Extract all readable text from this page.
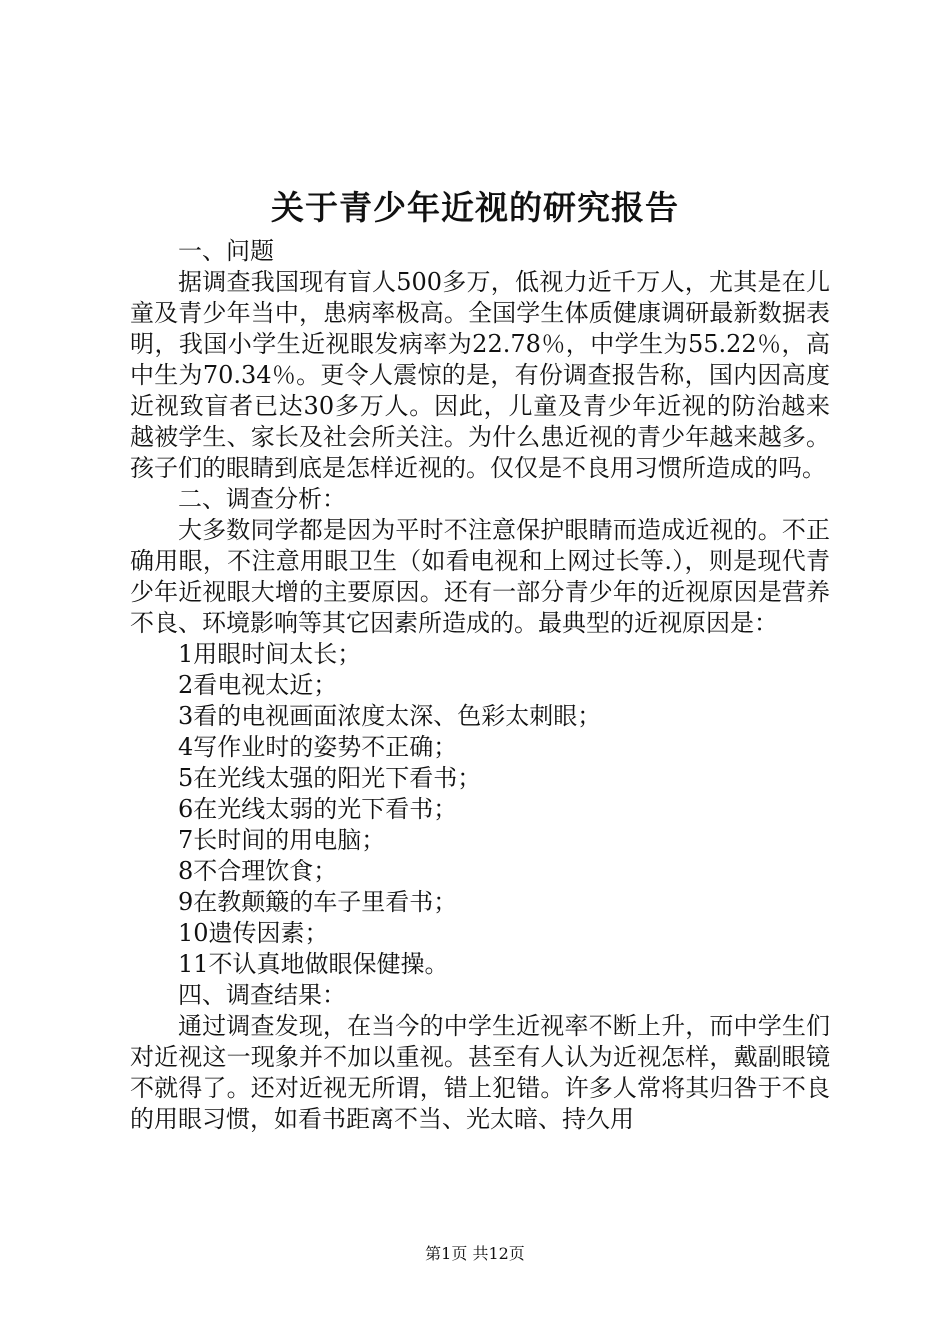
关于青少年近视的研究报告

一、问题

据调查我国现有盲人500多万，低视力近千万人，尤其是在儿童及青少年当中，患病率极高。全国学生体质健康调研最新数据表明，我国小学生近视眼发病率为22.78％，中学生为55.22％，高中生为70.34％。更令人震惊的是，有份调查报告称，国内因高度近视致盲者已达30多万人。因此，儿童及青少年近视的防治越来越被学生、家长及社会所关注。为什么患近视的青少年越来越多。孩子们的眼睛到底是怎样近视的。仅仅是不良用习惯所造成的吗。

二、调查分析：

大多数同学都是因为平时不注意保护眼睛而造成近视的。不正确用眼，不注意用眼卫生（如看电视和上网过长等.），则是现代青少年近视眼大增的主要原因。还有一部分青少年的近视原因是营养不良、环境影响等其它因素所造成的。最典型的近视原因是：

1用眼时间太长；

2看电视太近；

3看的电视画面浓度太深、色彩太刺眼；

4写作业时的姿势不正确；

5在光线太强的阳光下看书；

6在光线太弱的光下看书；

7长时间的用电脑；

8不合理饮食；

9在教颠簸的车子里看书；

10遗传因素；

11不认真地做眼保健操。

四、调查结果：

通过调查发现，在当今的中学生近视率不断上升，而中学生们对近视这一现象并不加以重视。甚至有人认为近视怎样，戴副眼镜不就得了。还对近视无所谓，错上犯错。许多人常将其归咎于不良的用眼习惯，如看书距离不当、光太暗、持久用

第1页 共12页
